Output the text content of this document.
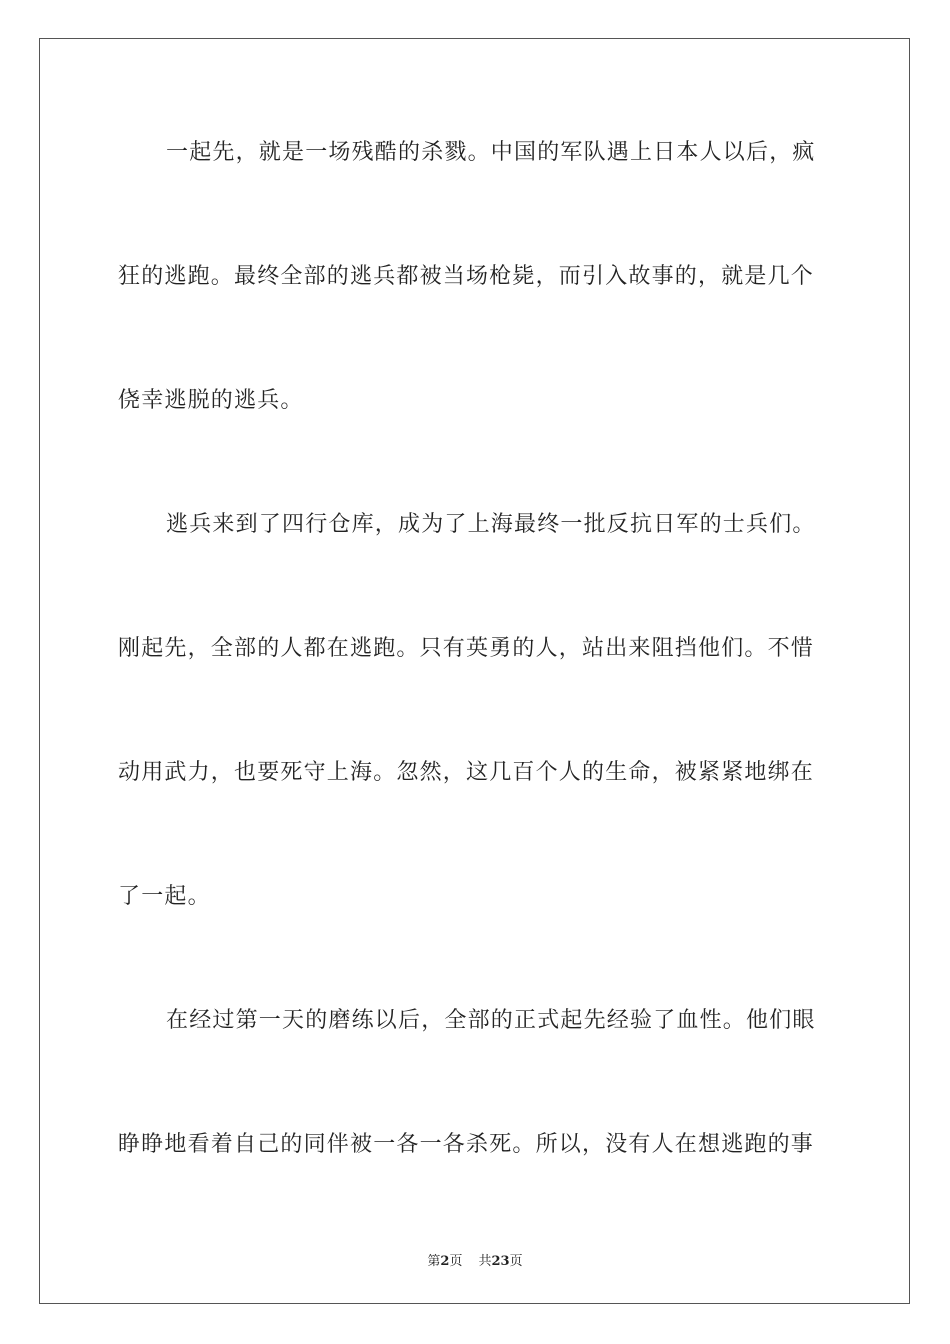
一起先，就是一场残酷的杀戮。中国的军队遇上日本人以后，疯
狂的逃跑。最终全部的逃兵都被当场枪毙，而引入故事的，就是几个
侥幸逃脱的逃兵。
逃兵来到了四行仓库，成为了上海最终一批反抗日军的士兵们。
刚起先，全部的人都在逃跑。只有英勇的人，站出来阻挡他们。不惜
动用武力，也要死守上海。忽然，这几百个人的生命，被紧紧地绑在
了一起。
在经过第一天的磨练以后，全部的正式起先经验了血性。他们眼
睁睁地看着自己的同伴被一各一各杀死。所以，没有人在想逃跑的事
第2页 共23页
